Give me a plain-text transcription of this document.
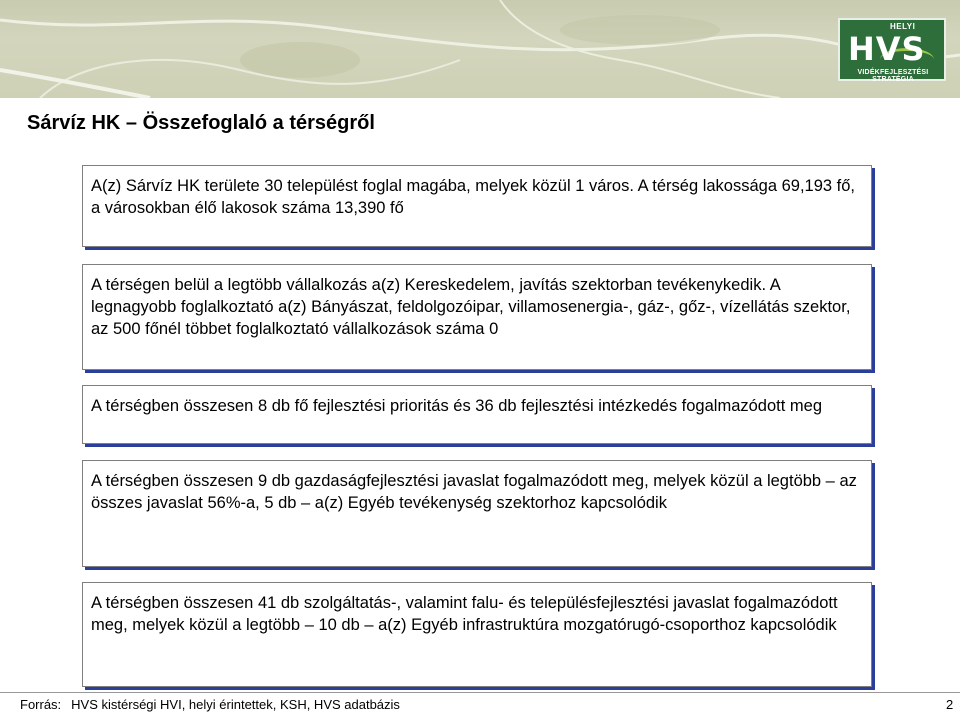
HELYI
HVS
VIDÉKFEJLESZTÉSI STRATÉGIA
Sárvíz HK – Összefoglaló a térségről

A(z) Sárvíz HK területe 30 települést foglal magába, melyek közül 1 város. A térség lakossága 69,193 fő, a városokban élő lakosok száma 13,390 fő

A térségen belül a legtöbb vállalkozás a(z) Kereskedelem, javítás szektorban tevékenykedik. A legnagyobb foglalkoztató a(z) Bányászat, feldolgozóipar, villamosenergia-, gáz-, gőz-, vízellátás szektor, az 500 főnél többet foglalkoztató vállalkozások száma 0

A térségben összesen 8 db fő fejlesztési prioritás és 36 db fejlesztési intézkedés fogalmazódott meg

A térségben összesen 9 db gazdaságfejlesztési javaslat fogalmazódott meg, melyek közül a legtöbb – az összes javaslat 56%-a, 5 db – a(z) Egyéb tevékenység szektorhoz kapcsolódik

A térségben összesen 41 db szolgáltatás-, valamint falu- és településfejlesztési javaslat fogalmazódott meg, melyek közül a legtöbb – 10 db – a(z) Egyéb infrastruktúra mozgatórugó-csoporthoz kapcsolódik

Forrás: HVS kistérségi HVI, helyi érintettek, KSH, HVS adatbázis	2
